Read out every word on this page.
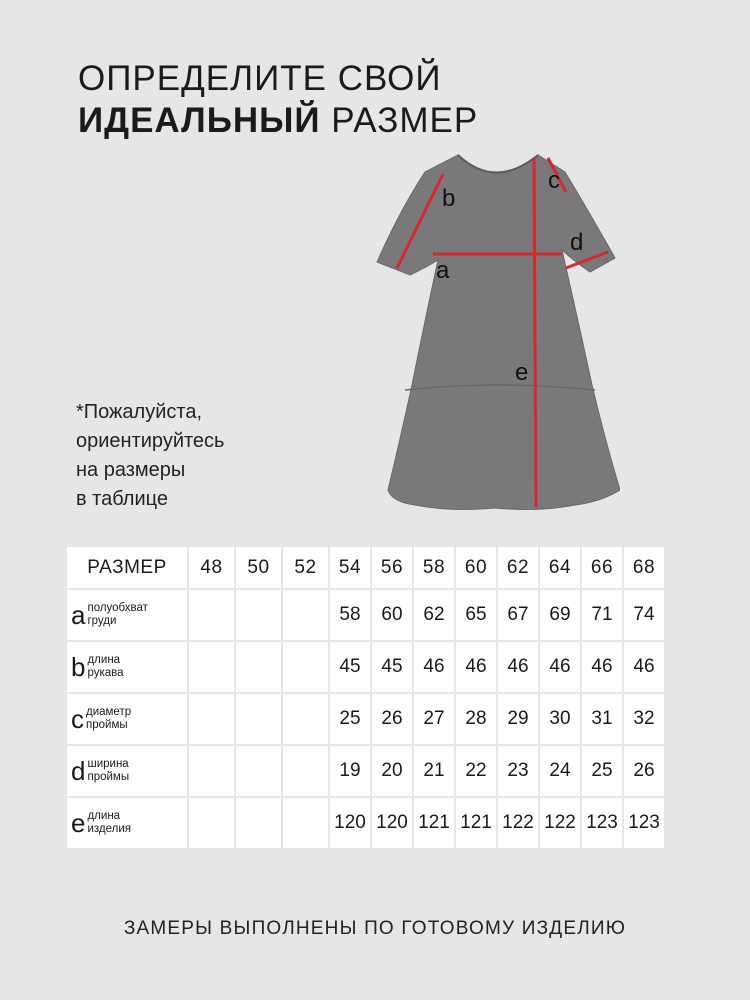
ОПРЕДЕЛИТЕ СВОЙ
ИДЕАЛЬНЫЙ РАЗМЕР
*Пожалуйста,
ориентируйтесь
на размеры
в таблице
a
b
c
d
e
РАЗМЕР	48	50	52	54	56	58	60	62	64	66	68
a полуобхват
груди				58	60	62	65	67	69	71	74
b длина
рукава				45	45	46	46	46	46	46	46
c диаметр
проймы				25	26	27	28	29	30	31	32
d ширина
проймы				19	20	21	22	23	24	25	26
e длина
изделия				120	120	121	121	122	122	123	123
ЗАМЕРЫ ВЫПОЛНЕНЫ ПО ГОТОВОМУ ИЗДЕЛИЮ
